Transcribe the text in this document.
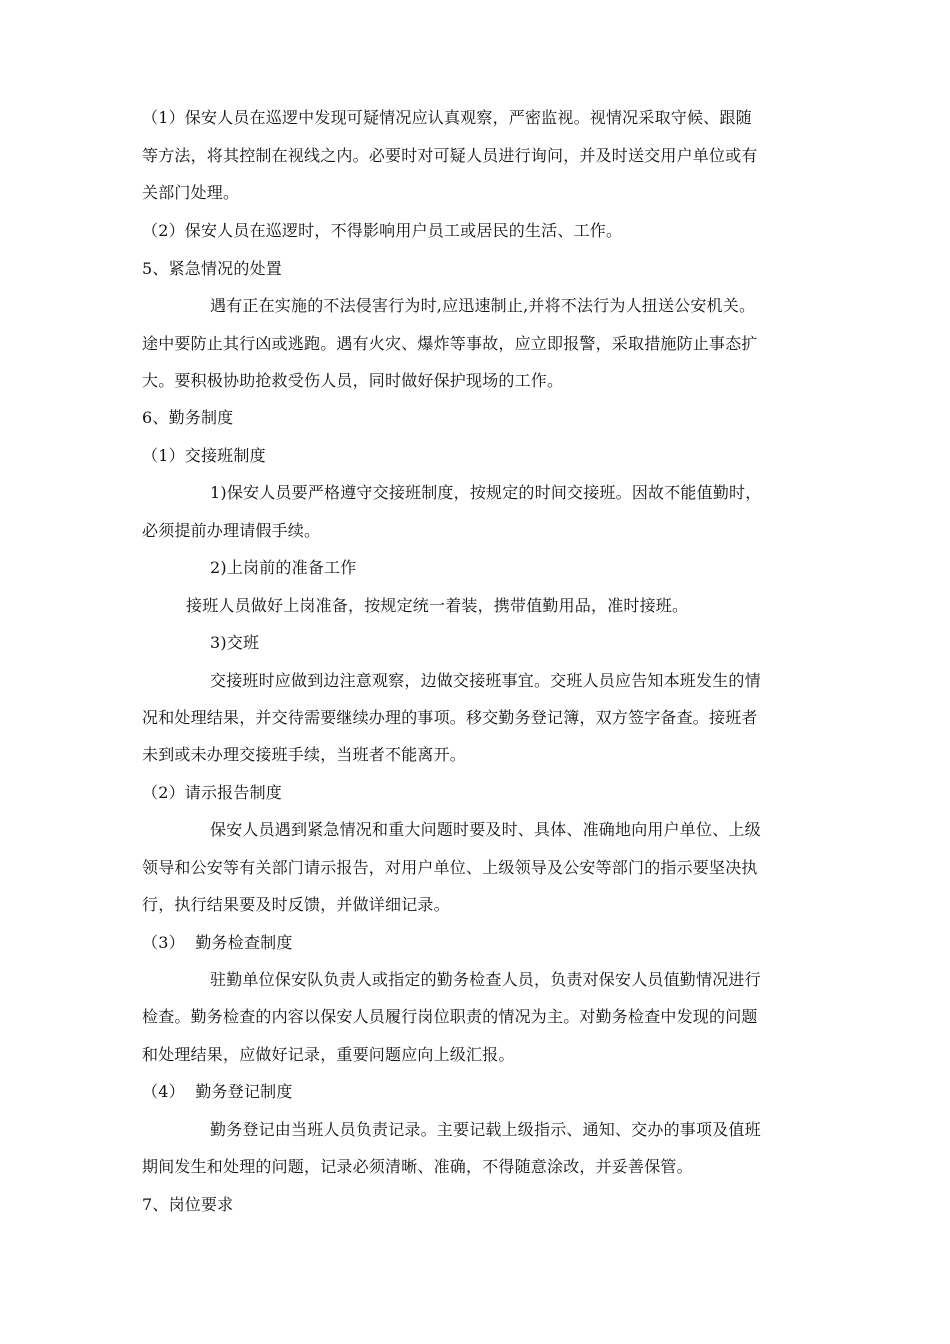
（1）保安人员在巡逻中发现可疑情况应认真观察，严密监视。视情况采取守候、跟随
等方法，将其控制在视线之内。必要时对可疑人员进行询问，并及时送交用户单位或有
关部门处理。
（2）保安人员在巡逻时，不得影响用户员工或居民的生活、工作。
5、紧急情况的处置
遇有正在实施的不法侵害行为时,应迅速制止,并将不法行为人扭送公安机关。
途中要防止其行凶或逃跑。遇有火灾、爆炸等事故，应立即报警，采取措施防止事态扩
大。要积极协助抢救受伤人员，同时做好保护现场的工作。
6、勤务制度
（1）交接班制度
1)保安人员要严格遵守交接班制度，按规定的时间交接班。因故不能值勤时，
必须提前办理请假手续。
2)上岗前的准备工作
接班人员做好上岗准备，按规定统一着装，携带值勤用品，准时接班。
3)交班
交接班时应做到边注意观察，边做交接班事宜。交班人员应告知本班发生的情
况和处理结果，并交待需要继续办理的事项。移交勤务登记簿，双方签字备查。接班者
未到或未办理交接班手续，当班者不能离开。
（2）请示报告制度
保安人员遇到紧急情况和重大问题时要及时、具体、准确地向用户单位、上级
领导和公安等有关部门请示报告，对用户单位、上级领导及公安等部门的指示要坚决执
行，执行结果要及时反馈，并做详细记录。
（3）  勤务检查制度
驻勤单位保安队负责人或指定的勤务检查人员，负责对保安人员值勤情况进行
检查。勤务检查的内容以保安人员履行岗位职责的情况为主。对勤务检查中发现的问题
和处理结果，应做好记录，重要问题应向上级汇报。
（4）  勤务登记制度
勤务登记由当班人员负责记录。主要记载上级指示、通知、交办的事项及值班
期间发生和处理的问题，记录必须清晰、准确，不得随意涂改，并妥善保管。
7、岗位要求
